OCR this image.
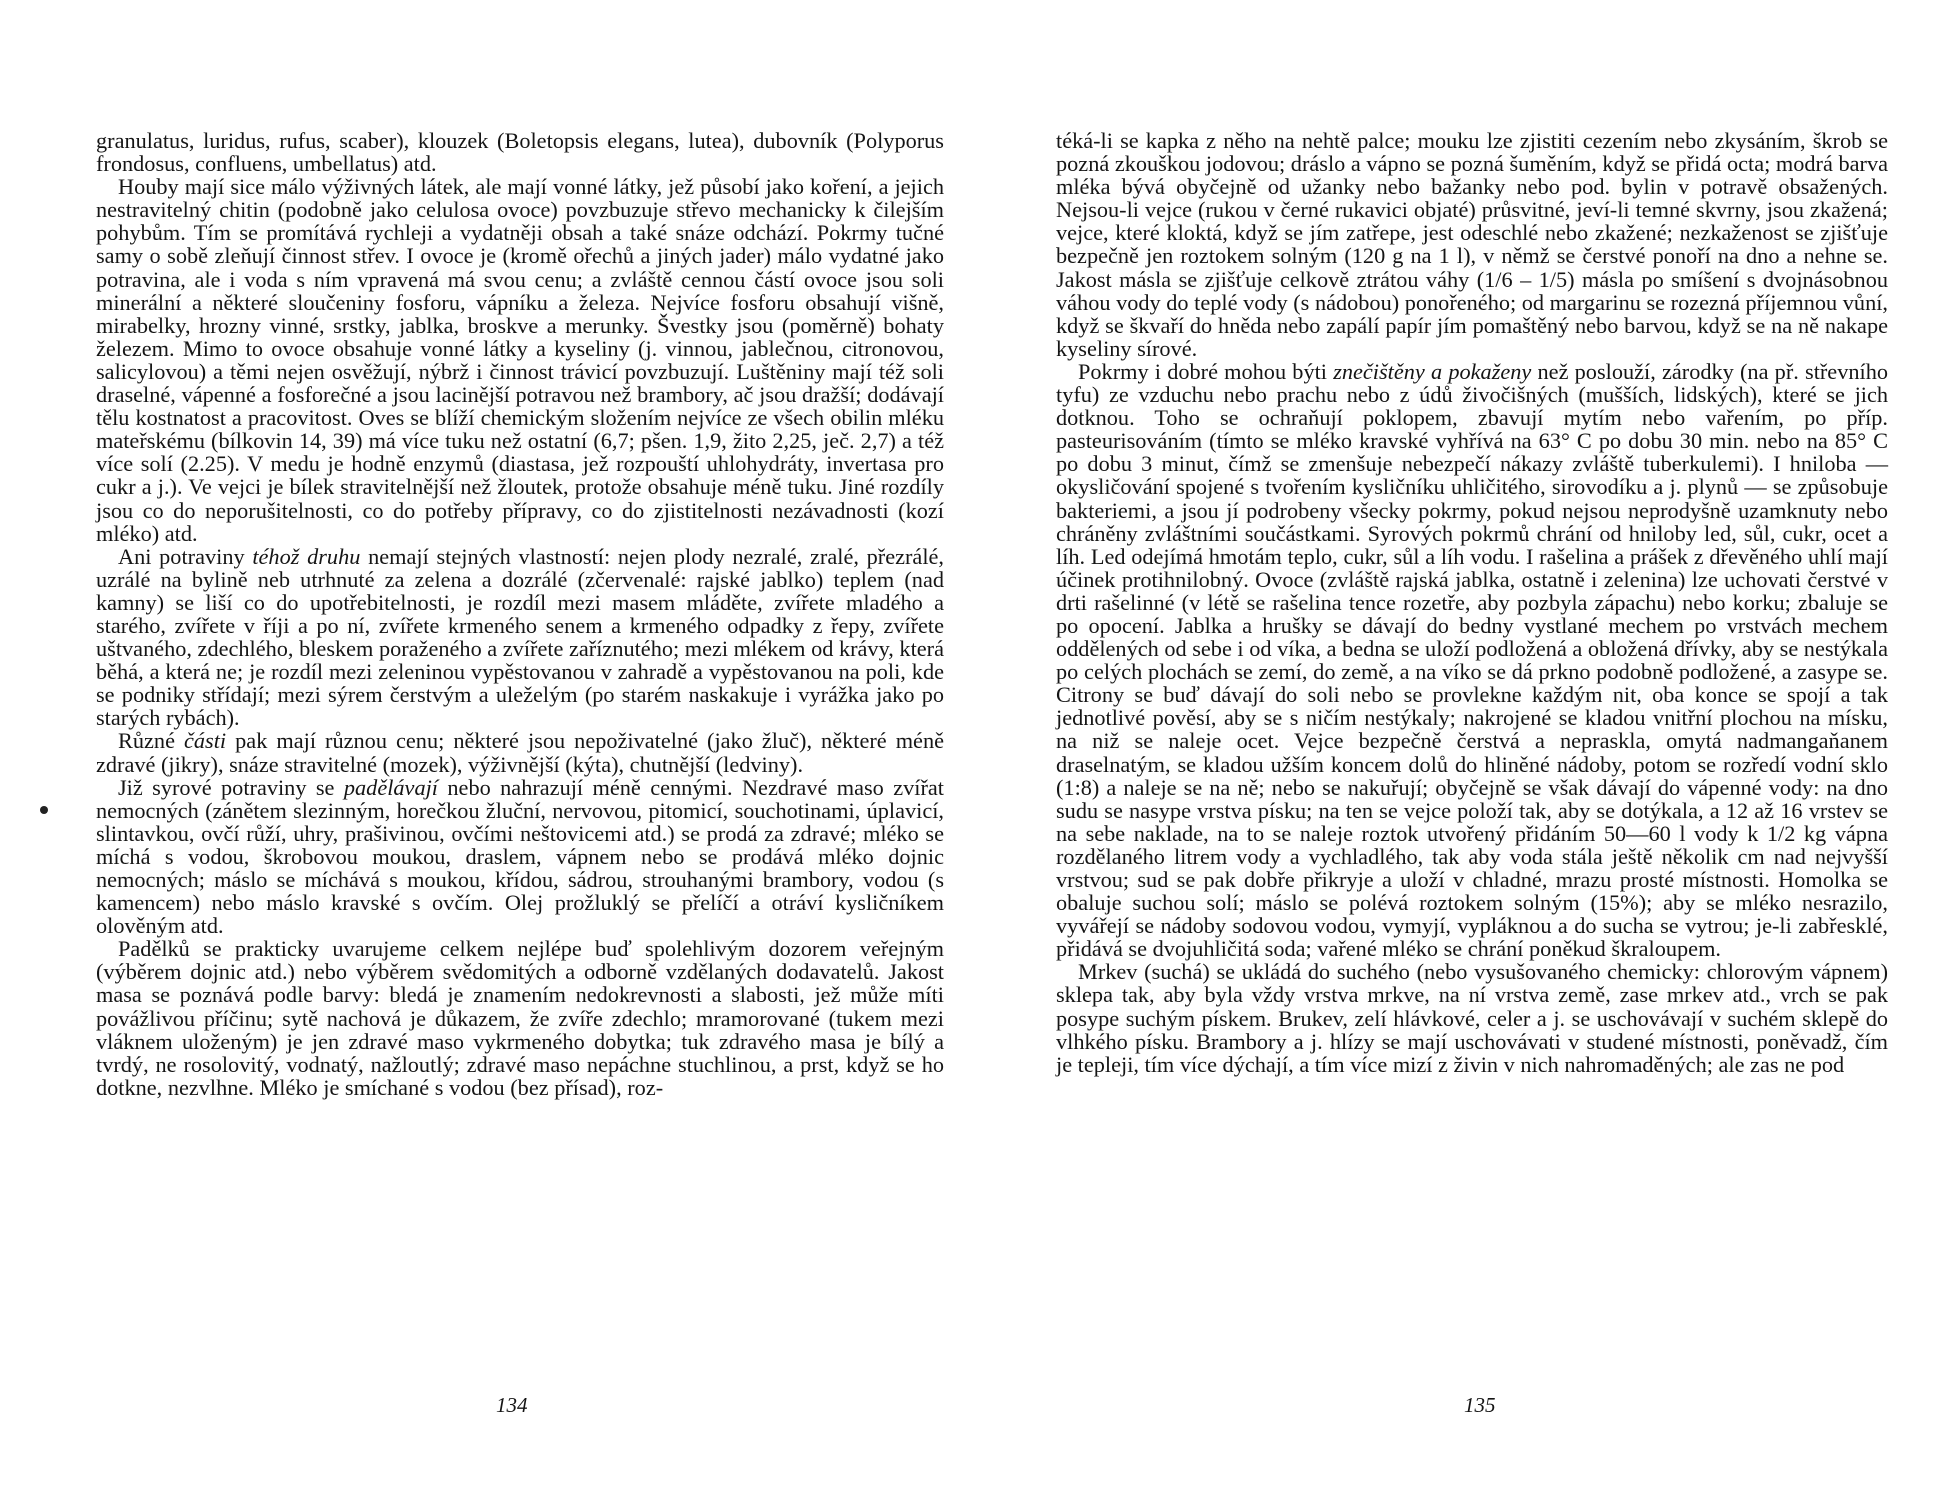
granulatus, luridus, rufus, scaber), klouzek (Boletopsis elegans, lutea), dubovník (Polyporus frondosus, confluens, umbellatus) atd.

Houby mají sice málo výživných látek, ale mají vonné látky, jež působí jako koření, a jejich nestravitelný chitin (podobně jako celulosa ovoce) povzbuzuje střevo mechanicky k čilejším pohybům. Tím se promítává rychleji a vydatněji obsah a také snáze odchází. Pokrmy tučné samy o sobě zleňují činnost střev. I ovoce je (kromě ořechů a jiných jader) málo vydatné jako potravina, ale i voda s ním vpravená má svou cenu; a zvláště cennou částí ovoce jsou soli minerální a některé sloučeniny fosforu, vápníku a železa. Nejvíce fosforu obsahují višně, mirabelky, hrozny vinné, srstky, jablka, broskve a merunky. Švestky jsou (poměrně) bohaty železem. Mimo to ovoce obsahuje vonné látky a kyseliny (j. vinnou, jablečnou, citronovou, salicylovou) a těmi nejen osvěžují, nýbrž i činnost trávicí povzbuzují. Luštěniny mají též soli draselné, vápenné a fosforečné a jsou lacinější potravou než brambory, ač jsou dražší; dodávají tělu kostnatost a pracovitost. Oves se blíží chemickým složením nejvíce ze všech obilin mléku mateřskému (bílkovin 14, 39) má více tuku než ostatní (6,7; pšen. 1,9, žito 2,25, ječ. 2,7) a též více solí (2.25). V medu je hodně enzymů (diastasa, jež rozpouští uhlohydráty, invertasa pro cukr a j.). Ve vejci je bílek stravitelnější než žloutek, protože obsahuje méně tuku. Jiné rozdíly jsou co do neporušitelnosti, co do potřeby přípravy, co do zjistitelnosti nezávadnosti (kozí mléko) atd.

Ani potraviny téhož druhu nemají stejných vlastností: nejen plody nezralé, zralé, přezrálé, uzrálé na bylině neb utrhnuté za zelena a dozrálé (zčervenalé: rajské jablko) teplem (nad kamny) se liší co do upotřebitelnosti, je rozdíl mezi masem mláděte, zvířete mladého a starého, zvířete v říji a po ní, zvířete krmeného senem a krmeného odpadky z řepy, zvířete uštvaného, zdechlého, bleskem poraženého a zvířete zaříznutého; mezi mlékem od krávy, která běhá, a která ne; je rozdíl mezi zeleninou vypěstovanou v zahradě a vypěstovanou na poli, kde se podniky střídají; mezi sýrem čerstvým a uleželým (po starém naskakuje i vyrážka jako po starých rybách).

Různé části pak mají různou cenu; některé jsou nepoživatelné (jako žluč), některé méně zdravé (jikry), snáze stravitelné (mozek), výživnější (kýta), chutnější (ledviny).

Již syrové potraviny se padělávají nebo nahrazují méně cennými. Nezdravé maso zvířat nemocných (zánětem slezinným, horečkou žluční, nervovou, pitomicí, souchotinami, úplavicí, slintavkou, ovčí růží, uhry, prašivinou, ovčími neštovicemi atd.) se prodá za zdravé; mléko se míchá s vodou, škrobovou moukou, draslem, vápnem nebo se prodává mléko dojnic nemocných; máslo se míchává s moukou, křídou, sádrou, strouhanými brambory, vodou (s kamencem) nebo máslo kravské s ovčím. Olej prožluklý se přelíčí a otráví kysličníkem olověným atd.

Padělků se prakticky uvarujeme celkem nejlépe buď spolehlivým dozorem veřejným (výběrem dojnic atd.) nebo výběrem svědomitých a odborně vzdělaných dodavatelů. Jakost masa se poznává podle barvy: bledá je znamením nedokrevnosti a slabosti, jež může míti povážlivou příčinu; sytě nachová je důkazem, že zvíře zdechlo; mramorované (tukem mezi vláknem uloženým) je jen zdravé maso vykrmeného dobytka; tuk zdravého masa je bílý a tvrdý, ne rosolovitý, vodnatý, nažloutlý; zdravé maso nepáchne stuchlinou, a prst, když se ho dotkne, nezvlhne. Mléko je smíchané s vodou (bez přísad), roz-

134

téká-li se kapka z něho na nehtě palce; mouku lze zjistiti cezením nebo zkysáním, škrob se pozná zkouškou jodovou; dráslo a vápno se pozná šuměním, když se přidá octa; modrá barva mléka bývá obyčejně od užanky nebo bažanky nebo pod. bylin v potravě obsažených. Nejsou-li vejce (rukou v černé rukavici objaté) průsvitné, jeví-li temné skvrny, jsou zkažená; vejce, které kloktá, když se jím zatřepe, jest odeschlé nebo zkažené; nezkaženost se zjišťuje bezpečně jen roztokem solným (120 g na 1 l), v němž se čerstvé ponoří na dno a nehne se. Jakost másla se zjišťuje celkově ztrátou váhy (1/6 – 1/5) másla po smíšení s dvojnásobnou váhou vody do teplé vody (s nádobou) ponořeného; od margarinu se rozezná příjemnou vůní, když se škvaří do hněda nebo zapálí papír jím pomaštěný nebo barvou, když se na ně nakape kyseliny sírové.

Pokrmy i dobré mohou býti znečištěny a pokaženy než poslouží, zárodky (na př. střevního tyfu) ze vzduchu nebo prachu nebo z údů živočišných (mušších, lidských), které se jich dotknou. Toho se ochraňují poklopem, zbavují mytím nebo vařením, po příp. pasteurisováním (tímto se mléko kravské vyhřívá na 63° C po dobu 30 min. nebo na 85° C po dobu 3 minut, čímž se zmenšuje nebezpečí nákazy zvláště tuberkulemi). I hniloba — okysličování spojené s tvořením kysličníku uhličitého, sirovodíku a j. plynů — se způsobuje bakteriemi, a jsou jí podrobeny všecky pokrmy, pokud nejsou neprodyšně uzamknuty nebo chráněny zvláštními součástkami. Syrových pokrmů chrání od hniloby led, sůl, cukr, ocet a líh. Led odejímá hmotám teplo, cukr, sůl a líh vodu. I rašelina a prášek z dřevěného uhlí mají účinek protihnilobný. Ovoce (zvláště rajská jablka, ostatně i zelenina) lze uchovati čerstvé v drti rašelinné (v létě se rašelina tence rozetře, aby pozbyla zápachu) nebo korku; zbaluje se po opocení. Jablka a hrušky se dávají do bedny vystlané mechem po vrstvách mechem oddělených od sebe i od víka, a bedna se uloží podložená a obložená dřívky, aby se nestýkala po celých plochách se zemí, do země, a na víko se dá prkno podobně podložené, a zasype se. Citrony se buď dávají do soli nebo se provlekne každým nit, oba konce se spojí a tak jednotlivé pověsí, aby se s ničím nestýkaly; nakrojené se kladou vnitřní plochou na mísku, na niž se naleje ocet. Vejce bezpečně čerstvá a nepraskla, omytá nadmangaňanem draselnatým, se kladou užším koncem dolů do hliněné nádoby, potom se rozředí vodní sklo (1:8) a naleje se na ně; nebo se nakuřují; obyčejně se však dávají do vápenné vody: na dno sudu se nasype vrstva písku; na ten se vejce položí tak, aby se dotýkala, a 12 až 16 vrstev se na sebe naklade, na to se naleje roztok utvořený přidáním 50—60 l vody k 1/2 kg vápna rozdělaného litrem vody a vychladlého, tak aby voda stála ještě několik cm nad nejvyšší vrstvou; sud se pak dobře přikryje a uloží v chladné, mrazu prosté místnosti. Homolka se obaluje suchou solí; máslo se polévá roztokem solným (15%); aby se mléko nesrazilo, vyvářejí se nádoby sodovou vodou, vymyjí, vypláknou a do sucha se vytrou; je-li zabřesklé, přidává se dvojuhličitá soda; vařené mléko se chrání poněkud škraloupem.

Mrkev (suchá) se ukládá do suchého (nebo vysušovaného chemicky: chlorovým vápnem) sklepa tak, aby byla vždy vrstva mrkve, na ní vrstva země, zase mrkev atd., vrch se pak posype suchým pískem. Brukev, zelí hlávkové, celer a j. se uschovávají v suchém sklepě do vlhkého písku. Brambory a j. hlízy se mají uschovávati v studené místnosti, poněvadž, čím je tepleji, tím více dýchají, a tím více mizí z živin v nich nahromaděných; ale zas ne pod

135
